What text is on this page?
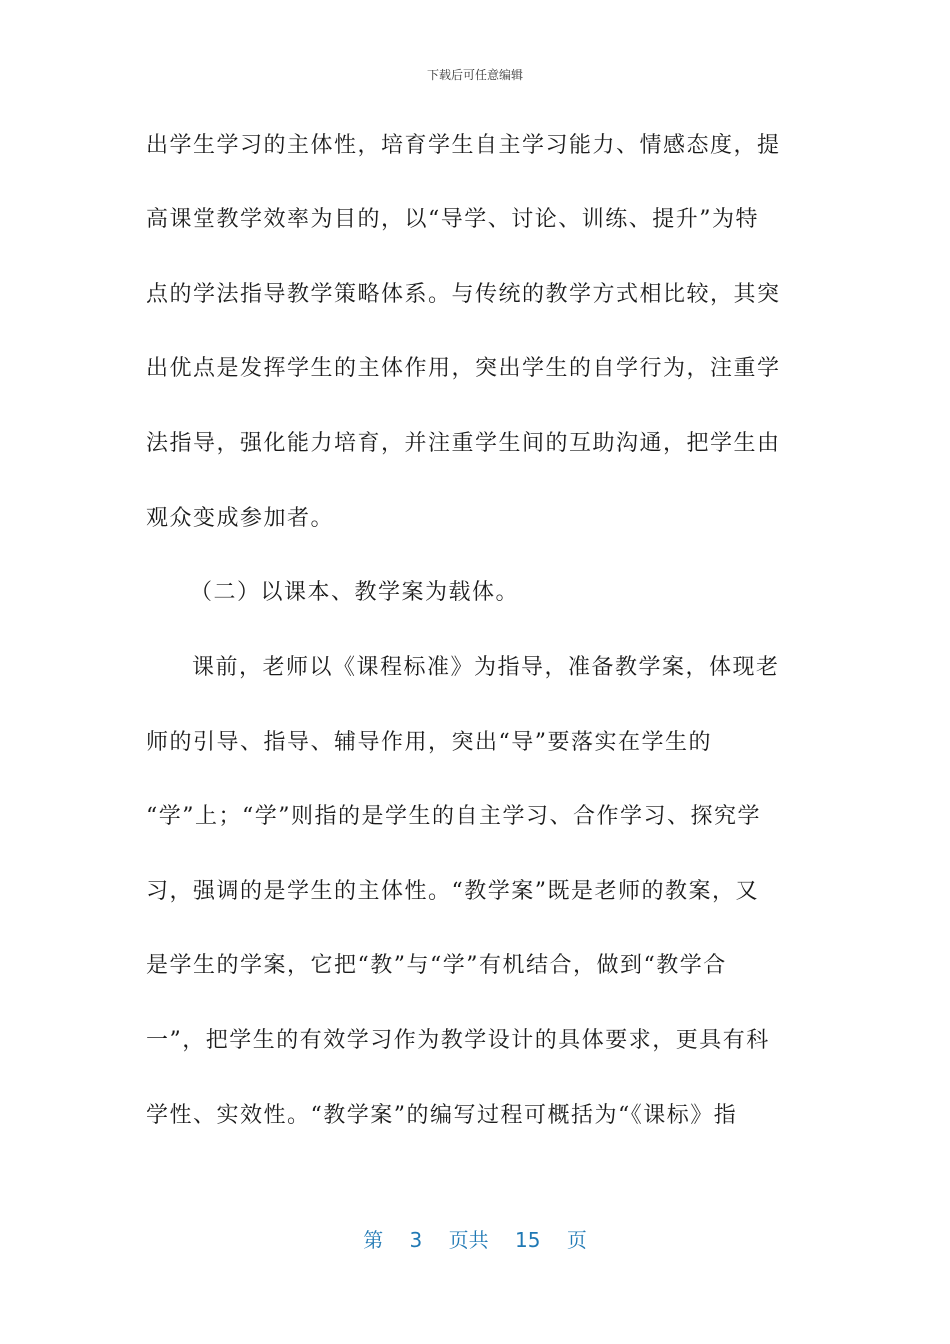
下载后可任意编辑
出学生学习的主体性，培育学生自主学习能力、情感态度，提
高课堂教学效率为目的，以“导学、讨论、训练、提升”为特
点的学法指导教学策略体系。与传统的教学方式相比较，其突
出优点是发挥学生的主体作用，突出学生的自学行为，注重学
法指导，强化能力培育，并注重学生间的互助沟通，把学生由
观众变成参加者。
（二）以课本、教学案为载体。
课前，老师以《课程标准》为指导，准备教学案，体现老
师的引导、指导、辅导作用，突出“导”要落实在学生的
“学”上；“学”则指的是学生的自主学习、合作学习、探究学
习，强调的是学生的主体性。“教学案”既是老师的教案，又
是学生的学案，它把“教”与“学”有机结合，做到“教学合
一”，把学生的有效学习作为教学设计的具体要求，更具有科
学性、实效性。“教学案”的编写过程可概括为“《课标》指
第 3 页共 15 页
